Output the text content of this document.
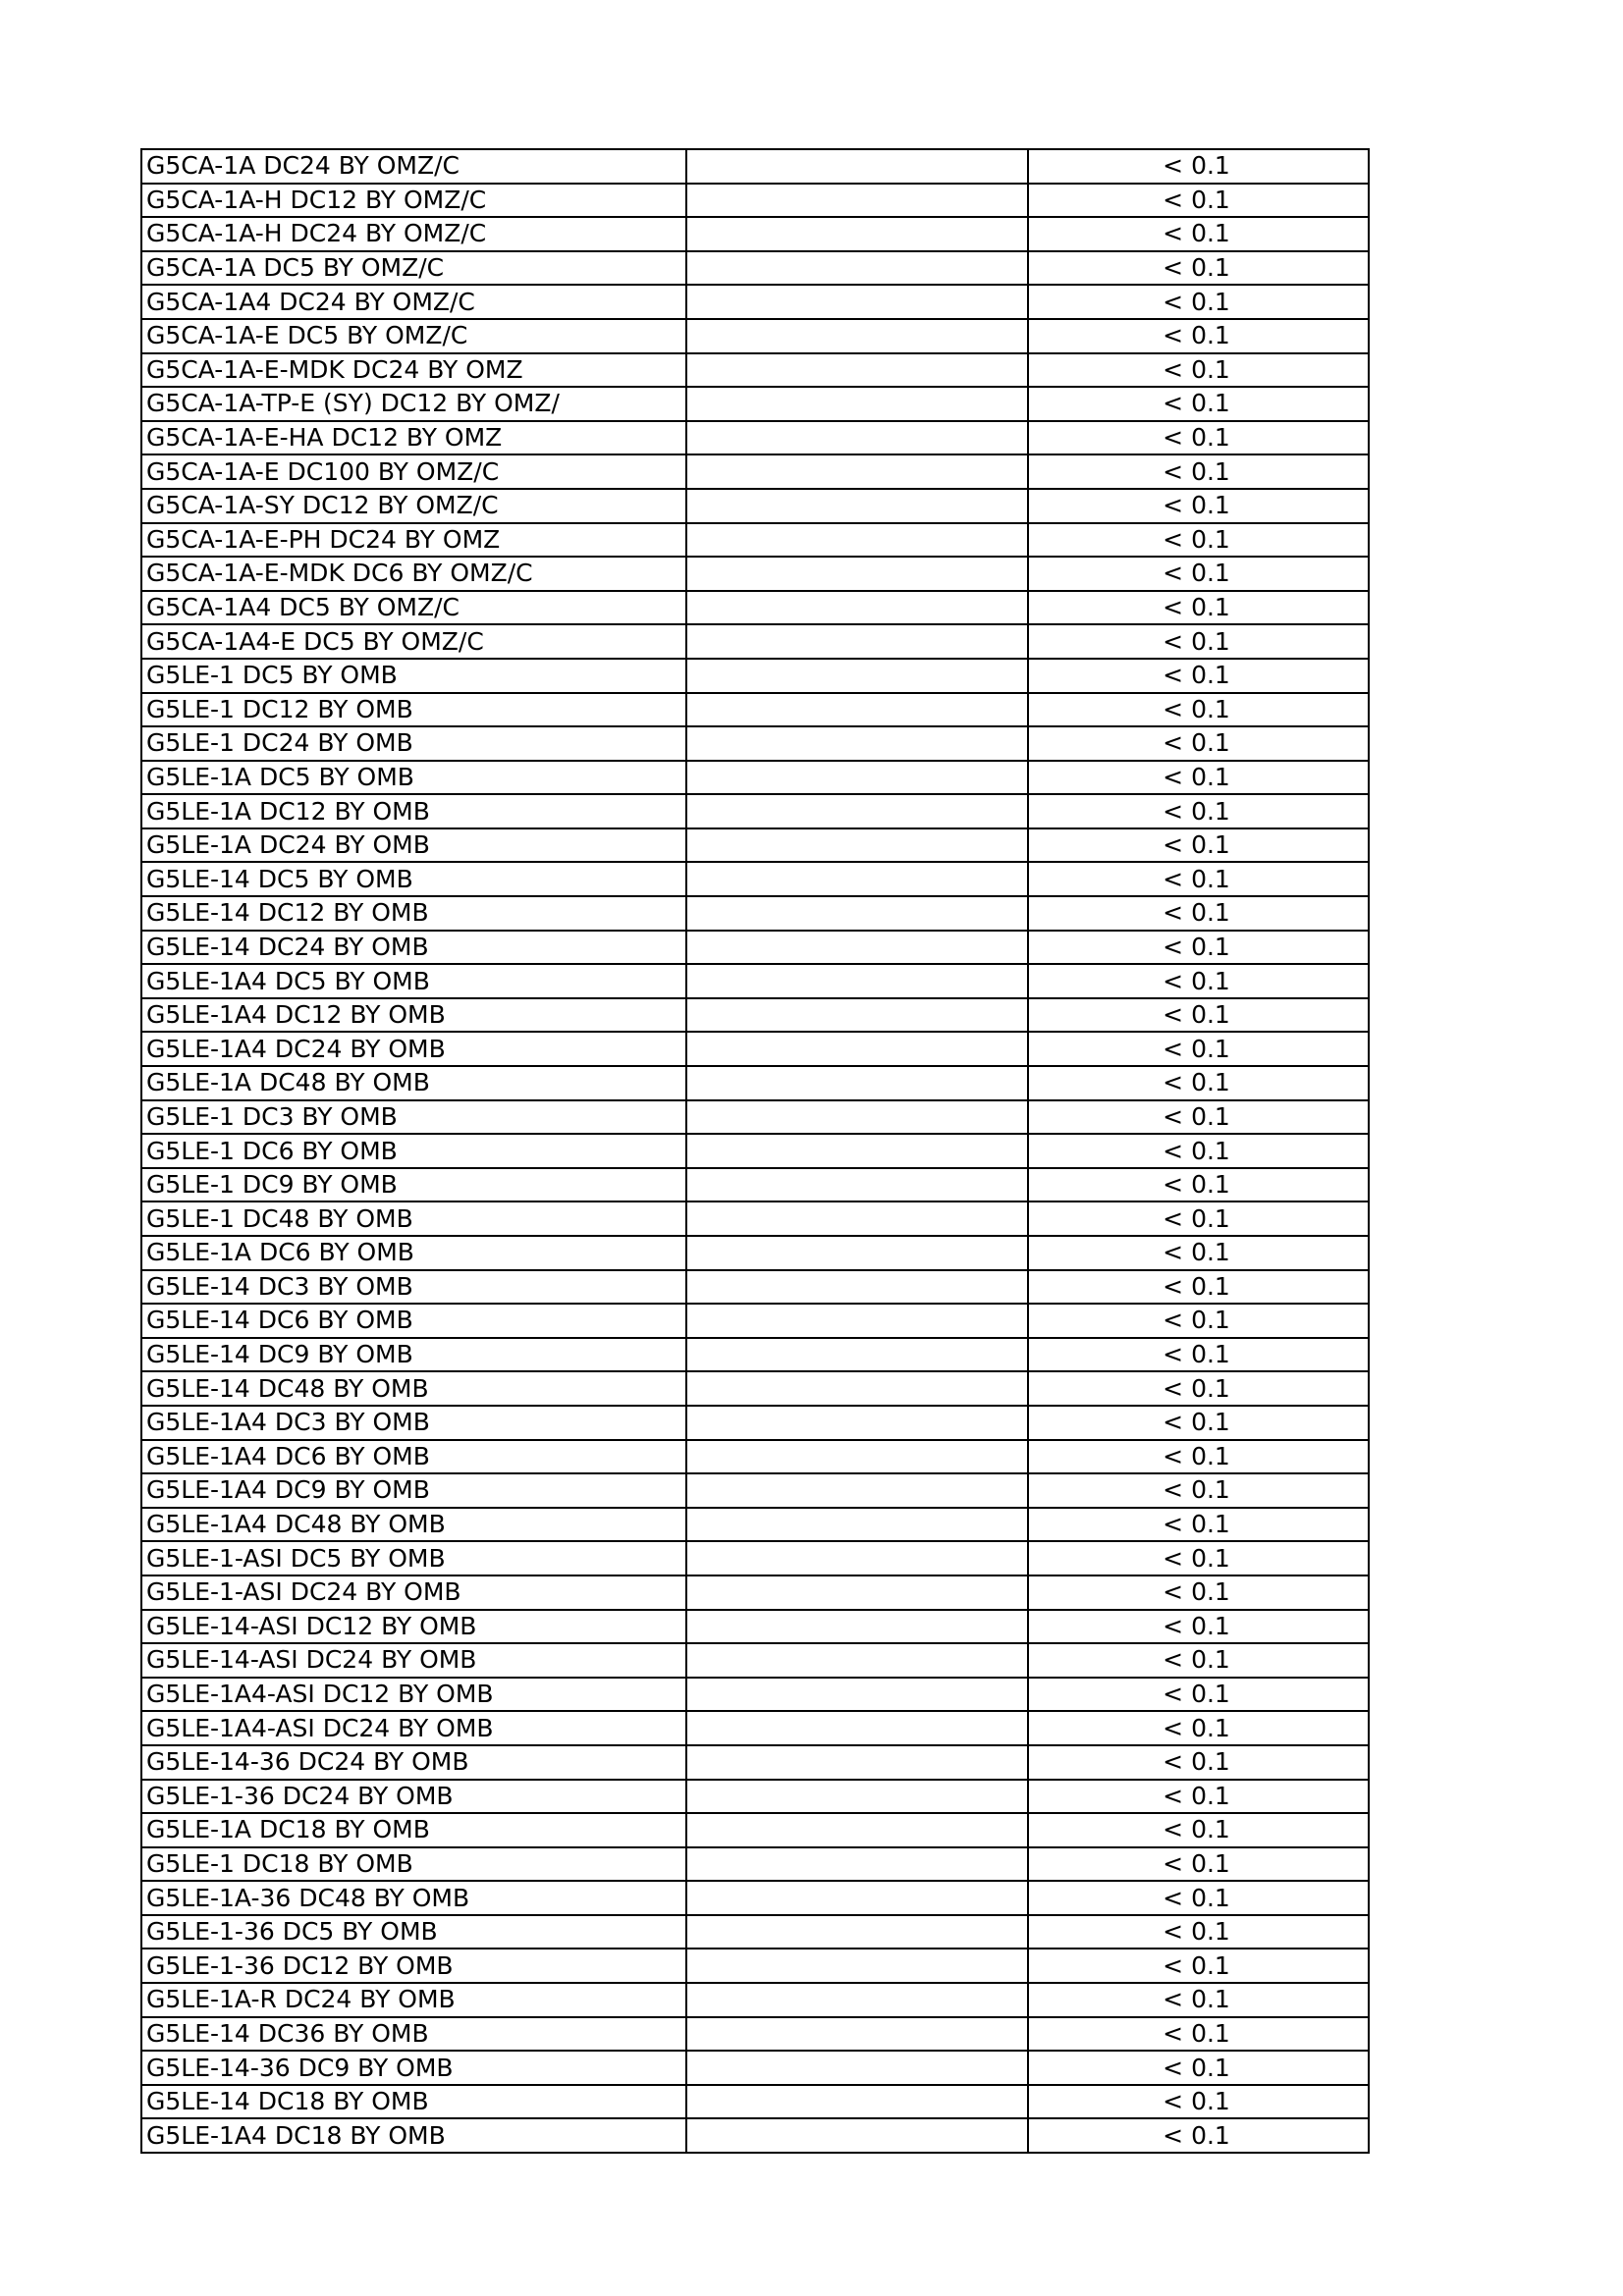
G5CA-1A DC24 BY OMZ/C		< 0.1
G5CA-1A-H DC12 BY OMZ/C		< 0.1
G5CA-1A-H DC24 BY OMZ/C		< 0.1
G5CA-1A DC5 BY OMZ/C		< 0.1
G5CA-1A4 DC24 BY OMZ/C		< 0.1
G5CA-1A-E DC5 BY OMZ/C		< 0.1
G5CA-1A-E-MDK DC24 BY OMZ		< 0.1
G5CA-1A-TP-E (SY) DC12 BY OMZ/		< 0.1
G5CA-1A-E-HA DC12 BY OMZ		< 0.1
G5CA-1A-E DC100 BY OMZ/C		< 0.1
G5CA-1A-SY DC12 BY OMZ/C		< 0.1
G5CA-1A-E-PH DC24 BY OMZ		< 0.1
G5CA-1A-E-MDK DC6 BY OMZ/C		< 0.1
G5CA-1A4 DC5 BY OMZ/C		< 0.1
G5CA-1A4-E DC5 BY OMZ/C		< 0.1
G5LE-1 DC5 BY OMB		< 0.1
G5LE-1 DC12 BY OMB		< 0.1
G5LE-1 DC24 BY OMB		< 0.1
G5LE-1A DC5 BY OMB		< 0.1
G5LE-1A DC12 BY OMB		< 0.1
G5LE-1A DC24 BY OMB		< 0.1
G5LE-14 DC5 BY OMB		< 0.1
G5LE-14 DC12 BY OMB		< 0.1
G5LE-14 DC24 BY OMB		< 0.1
G5LE-1A4 DC5 BY OMB		< 0.1
G5LE-1A4 DC12 BY OMB		< 0.1
G5LE-1A4 DC24 BY OMB		< 0.1
G5LE-1A DC48 BY OMB		< 0.1
G5LE-1 DC3 BY OMB		< 0.1
G5LE-1 DC6 BY OMB		< 0.1
G5LE-1 DC9 BY OMB		< 0.1
G5LE-1 DC48 BY OMB		< 0.1
G5LE-1A DC6 BY OMB		< 0.1
G5LE-14 DC3 BY OMB		< 0.1
G5LE-14 DC6 BY OMB		< 0.1
G5LE-14 DC9 BY OMB		< 0.1
G5LE-14 DC48 BY OMB		< 0.1
G5LE-1A4 DC3 BY OMB		< 0.1
G5LE-1A4 DC6 BY OMB		< 0.1
G5LE-1A4 DC9 BY OMB		< 0.1
G5LE-1A4 DC48 BY OMB		< 0.1
G5LE-1-ASI DC5 BY OMB		< 0.1
G5LE-1-ASI DC24 BY OMB		< 0.1
G5LE-14-ASI DC12 BY OMB		< 0.1
G5LE-14-ASI DC24 BY OMB		< 0.1
G5LE-1A4-ASI DC12 BY OMB		< 0.1
G5LE-1A4-ASI DC24 BY OMB		< 0.1
G5LE-14-36 DC24 BY OMB		< 0.1
G5LE-1-36 DC24 BY OMB		< 0.1
G5LE-1A DC18 BY OMB		< 0.1
G5LE-1 DC18 BY OMB		< 0.1
G5LE-1A-36 DC48 BY OMB		< 0.1
G5LE-1-36 DC5 BY OMB		< 0.1
G5LE-1-36 DC12 BY OMB		< 0.1
G5LE-1A-R DC24 BY OMB		< 0.1
G5LE-14 DC36 BY OMB		< 0.1
G5LE-14-36 DC9 BY OMB		< 0.1
G5LE-14 DC18 BY OMB		< 0.1
G5LE-1A4 DC18 BY OMB		< 0.1
